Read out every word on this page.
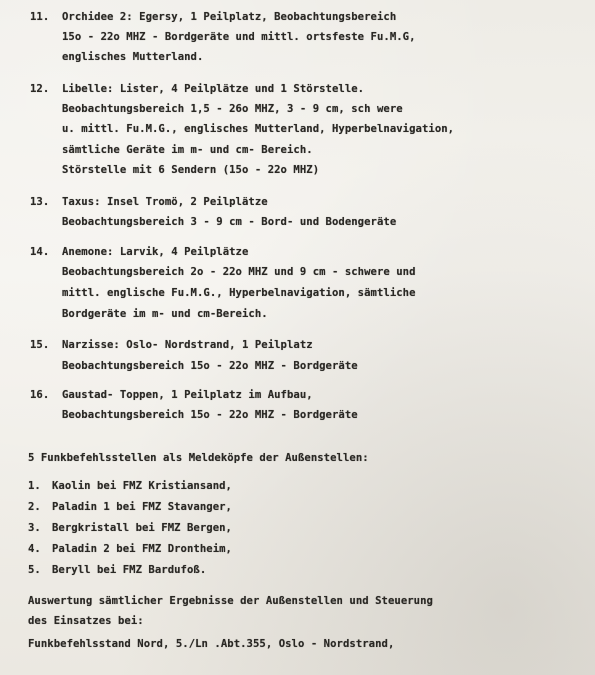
11. Orchidee 2: Egersy, 1 Peilplatz, Beobachtungsbereich
15o - 22o MHZ - Bordgeräte und mittl. ortsfeste Fu.M.G,
englisches Mutterland.
12. Libelle: Lister, 4 Peilplätze und 1 Störstelle.
Beobachtungsbereich 1,5 - 26o MHZ, 3 - 9 cm, sch were
u. mittl. Fu.M.G., englisches Mutterland, Hyperbelnavigation,
sämtliche Geräte im m- und cm- Bereich.
Störstelle mit 6 Sendern (15o - 22o MHZ)
13. Taxus: Insel Tromö, 2 Peilplätze
Beobachtungsbereich 3 - 9 cm - Bord- und Bodengeräte
14. Anemone: Larvik, 4 Peilplätze
Beobachtungsbereich 2o - 22o MHZ und 9 cm - schwere und
mittl. englische Fu.M.G., Hyperbelnavigation, sämtliche
Bordgeräte im m- und cm-Bereich.
15. Narzisse: Oslo- Nordstrand, 1 Peilplatz
Beobachtungsbereich 15o - 22o MHZ - Bordgeräte
16. Gaustad- Toppen, 1 Peilplatz im Aufbau,
Beobachtungsbereich 15o - 22o MHZ - Bordgeräte
5 Funkbefehlsstellen als Meldeköpfe der Außenstellen:
1. Kaolin bei FMZ Kristiansand,
2. Paladin 1 bei FMZ Stavanger,
3. Bergkristall bei FMZ Bergen,
4. Paladin 2 bei FMZ Drontheim,
5. Beryll bei FMZ Bardufoß.
Auswertung sämtlicher Ergebnisse der Außenstellen und Steuerung
des Einsatzes bei:
Funkbefehlsstand Nord, 5./Ln .Abt.355, Oslo - Nordstrand,
